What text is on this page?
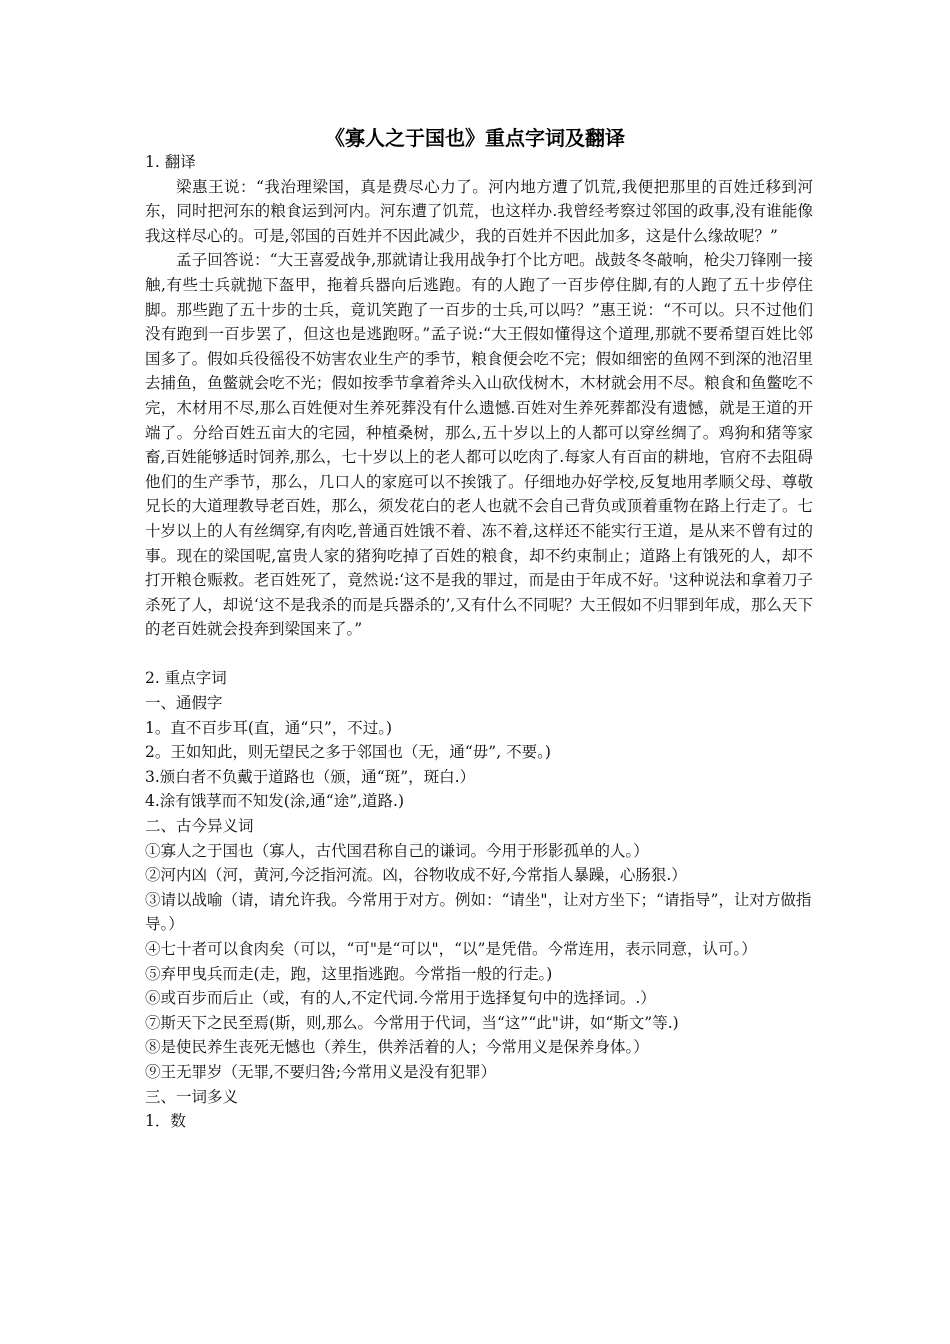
《寡人之于国也》重点字词及翻译

1. 翻译

梁惠王说：“我治理梁国，真是费尽心力了。河内地方遭了饥荒,我便把那里的百姓迁移到河东，同时把河东的粮食运到河内。河东遭了饥荒，也这样办.我曾经考察过邻国的政事,没有谁能像我这样尽心的。可是,邻国的百姓并不因此减少，我的百姓并不因此加多，这是什么缘故呢？”

孟子回答说：“大王喜爱战争,那就请让我用战争打个比方吧。战鼓冬冬敲响，枪尖刀锋刚一接触,有些士兵就抛下盔甲，拖着兵器向后逃跑。有的人跑了一百步停住脚,有的人跑了五十步停住脚。那些跑了五十步的士兵，竟讥笑跑了一百步的士兵,可以吗？”惠王说：“不可以。只不过他们没有跑到一百步罢了，但这也是逃跑呀。”孟子说:“大王假如懂得这个道理,那就不要希望百姓比邻国多了。假如兵役徭役不妨害农业生产的季节，粮食便会吃不完；假如细密的鱼网不到深的池沼里去捕鱼，鱼鳖就会吃不光；假如按季节拿着斧头入山砍伐树木，木材就会用不尽。粮食和鱼鳖吃不完，木材用不尽,那么百姓便对生养死葬没有什么遗憾.百姓对生养死葬都没有遗憾，就是王道的开端了。分给百姓五亩大的宅园，种植桑树，那么,五十岁以上的人都可以穿丝绸了。鸡狗和猪等家畜,百姓能够适时饲养,那么，七十岁以上的老人都可以吃肉了.每家人有百亩的耕地，官府不去阻碍他们的生产季节，那么，几口人的家庭可以不挨饿了。仔细地办好学校,反复地用孝顺父母、尊敬兄长的大道理教导老百姓，那么，须发花白的老人也就不会自己背负或顶着重物在路上行走了。七十岁以上的人有丝绸穿,有肉吃,普通百姓饿不着、冻不着,这样还不能实行王道，是从来不曾有过的事。现在的梁国呢,富贵人家的猪狗吃掉了百姓的粮食，却不约束制止；道路上有饿死的人，却不打开粮仓赈救。老百姓死了，竟然说:‘这不是我的罪过，而是由于年成不好。'这种说法和拿着刀子杀死了人，却说‘这不是我杀的而是兵器杀的’,又有什么不同呢？大王假如不归罪到年成，那么天下的老百姓就会投奔到梁国来了。”

2. 重点字词

一、通假字

1。直不百步耳(直，通“只”，不过。)

2。王如知此，则无望民之多于邻国也（无，通“毋”, 不要。)

3.颁白者不负戴于道路也（颁，通“斑”，斑白.）

4.涂有饿莩而不知发(涂,通“途”,道路.)

二、古今异义词

①寡人之于国也（寡人，古代国君称自己的谦词。今用于形影孤单的人。）

②河内凶（河，黄河,今泛指河流。凶，谷物收成不好,今常指人暴躁，心肠狠.）

③请以战喻（请，请允许我。今常用于对方。例如：“请坐"，让对方坐下；“请指导”，让对方做指导。）

④七十者可以食肉矣（可以，“可"是“可以"，“以”是凭借。今常连用，表示同意，认可。）

⑤弃甲曳兵而走(走，跑，这里指逃跑。今常指一般的行走。)

⑥或百步而后止（或，有的人,不定代词.今常用于选择复句中的选择词。.）

⑦斯天下之民至焉(斯，则,那么。今常用于代词，当“这”“此"讲，如“斯文”等.)

⑧是使民养生丧死无憾也（养生，供养活着的人；今常用义是保养身体。）

⑨王无罪岁（无罪,不要归咎;今常用义是没有犯罪）

三、一词多义

1．数
